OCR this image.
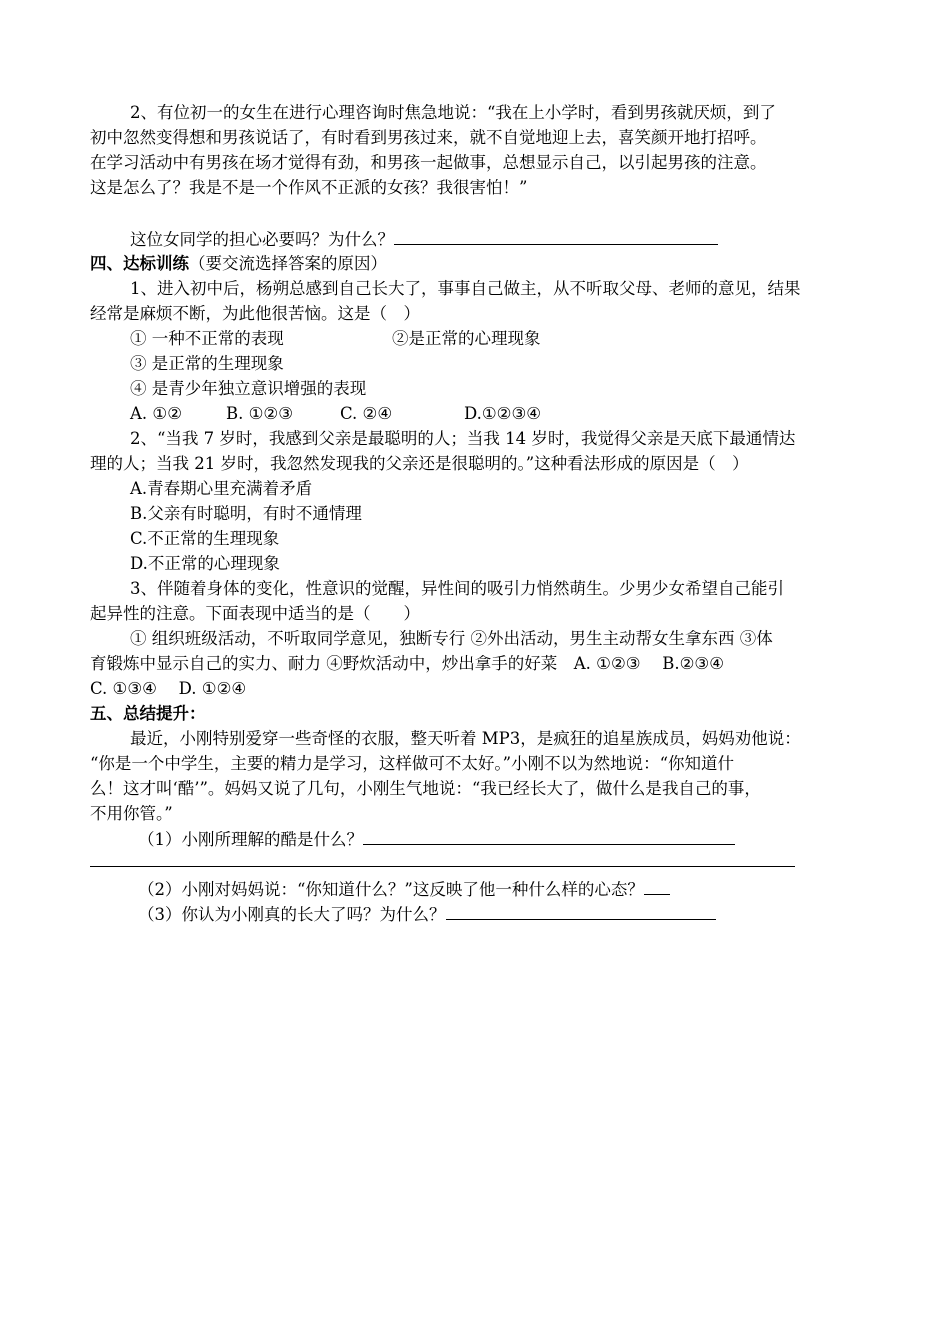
2、有位初一的女生在进行心理咨询时焦急地说：“我在上小学时，看到男孩就厌烦，到了
初中忽然变得想和男孩说话了，有时看到男孩过来，就不自觉地迎上去，喜笑颜开地打招呼。
在学习活动中有男孩在场才觉得有劲，和男孩一起做事，总想显示自己，以引起男孩的注意。
这是怎么了？我是不是一个作风不正派的女孩？我很害怕！”
这位女同学的担心必要吗？为什么？
四、达标训练（要交流选择答案的原因）
1、进入初中后，杨朔总感到自己长大了，事事自己做主，从不听取父母、老师的意见，结果
经常是麻烦不断，为此他很苦恼。这是（　）
① 一种不正常的表现	②是正常的心理现象
③ 是正常的生理现象
④ 是青少年独立意识增强的表现
A. ①②	B. ①②③	C. ②④	D.①②③④
2、“当我 7 岁时，我感到父亲是最聪明的人；当我 14 岁时，我觉得父亲是天底下最通情达
理的人；当我 21 岁时，我忽然发现我的父亲还是很聪明的。”这种看法形成的原因是（　）
A.青春期心里充满着矛盾
B.父亲有时聪明，有时不通情理
C.不正常的生理现象
D.不正常的心理现象
3、伴随着身体的变化，性意识的觉醒，异性间的吸引力悄然萌生。少男少女希望自己能引
起异性的注意。下面表现中适当的是（　　）
① 组织班级活动，不听取同学意见，独断专行 ②外出活动，男生主动帮女生拿东西 ③体
育锻炼中显示自己的实力、耐力 ④野炊活动中，炒出拿手的好菜　A. ①②③　 B.②③④
C. ①③④　 D. ①②④
五、总结提升：
最近，小刚特别爱穿一些奇怪的衣服，整天听着 MP3，是疯狂的追星族成员，妈妈劝他说：
“你是一个中学生，主要的精力是学习，这样做可不太好。”小刚不以为然地说：“你知道什
么！这才叫‘酷’”。妈妈又说了几句，小刚生气地说：“我已经长大了，做什么是我自己的事，
不用你管。”
（1）小刚所理解的酷是什么？
（2）小刚对妈妈说：“你知道什么？”这反映了他一种什么样的心态？
（3）你认为小刚真的长大了吗？为什么？
